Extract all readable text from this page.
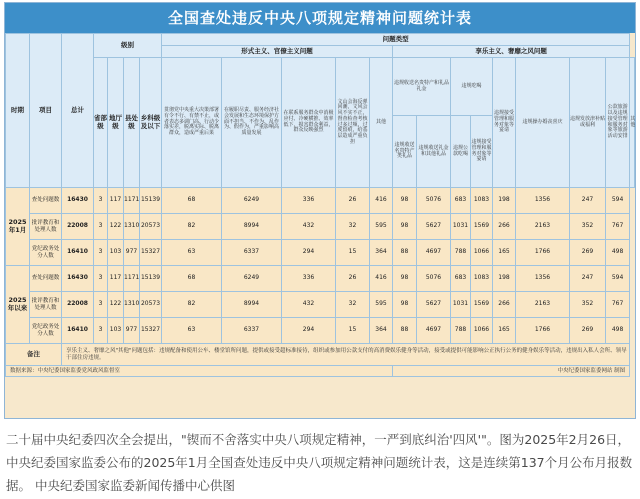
全国查处违反中央八项规定精神问题统计表
时期	项目	总计	级别				问题类型													
							形式主义、官僚主义问题					享乐主义、奢靡之风问题								
			省部级	地厅级	县处级	乡科级及以下	贯彻党中央重大决策部署有令不行、有禁不止，或者表态多调门高、行动少落实差，脱离实际、脱离群众，造成严重后果	在履职尽责、服务经济社会发展和生态环境保护方面不担当、不作为、乱作为、假作为，严重影响高质量发展	在联系服务群众中消极应付、冷硬横推、效率低下，损害群众利益，群众反映强烈	文山会海反弹回潮，文风会风不实不正，督查检查考核过多过频、过度留痕，给基层造成严重负担	其他	违规收送名贵特产和礼品礼金		违规吃喝		违规接受管理和服务对象等宴请	违规操办婚丧喜庆	违规发放津补贴或福利	公款旅游以及违规接受管理和服务对象等旅游活动安排	其他
												违规收送名贵特产类礼品	违规收送礼金和其他礼品	违规公款吃喝	违规接受管理和服务对象等宴请					
2025年1月	查处问题数	16430	3	117	1171	15139	68	6249	336	26	416	98	5076	683	1083	198	1356	247	594	
	批评教育和处理人数	22008	3	122	1310	20573	82	8994	432	32	595	98	5627	1031	1569	266	2163	352	767	
	党纪政务处分人数	16410	3	103	977	15327	63	6337	294	15	364	88	4697	788	1066	165	1766	269	498	
2025年以来	查处问题数	16430	3	117	1171	15139	68	6249	336	26	416	98	5076	683	1083	198	1356	247	594	
	批评教育和处理人数	22008	3	122	1310	20573	82	8994	432	32	595	98	5627	1031	1569	266	2163	352	767	
	党纪政务处分人数	16410	3	103	977	15327	63	6337	294	15	364	88	4697	788	1066	165	1766	269	498	
备注		享乐主义、奢靡之风"其他"问题包括：违规配备和使用公车、楼堂馆所问题，提供或接受超标准接待，组织或参加用公款支付的高消费娱乐健身等活动，接受或提供可能影响公正执行公务的健身娱乐等活动，违规出入私人会所、领导干部住房违规。																		
数据来源：中央纪委国家监委党风政风监督室												中央纪委国家监委网站 制图								
二十届中央纪委四次全会提出，"锲而不舍落实中央八项规定精神，一严到底纠治'四风'"。图为2025年2月26日，中央纪委国家监委公布的2025年1月全国查处违反中央八项规定精神问题统计表，这是连续第137个月公布月报数据。 中央纪委国家监委新闻传播中心供图
